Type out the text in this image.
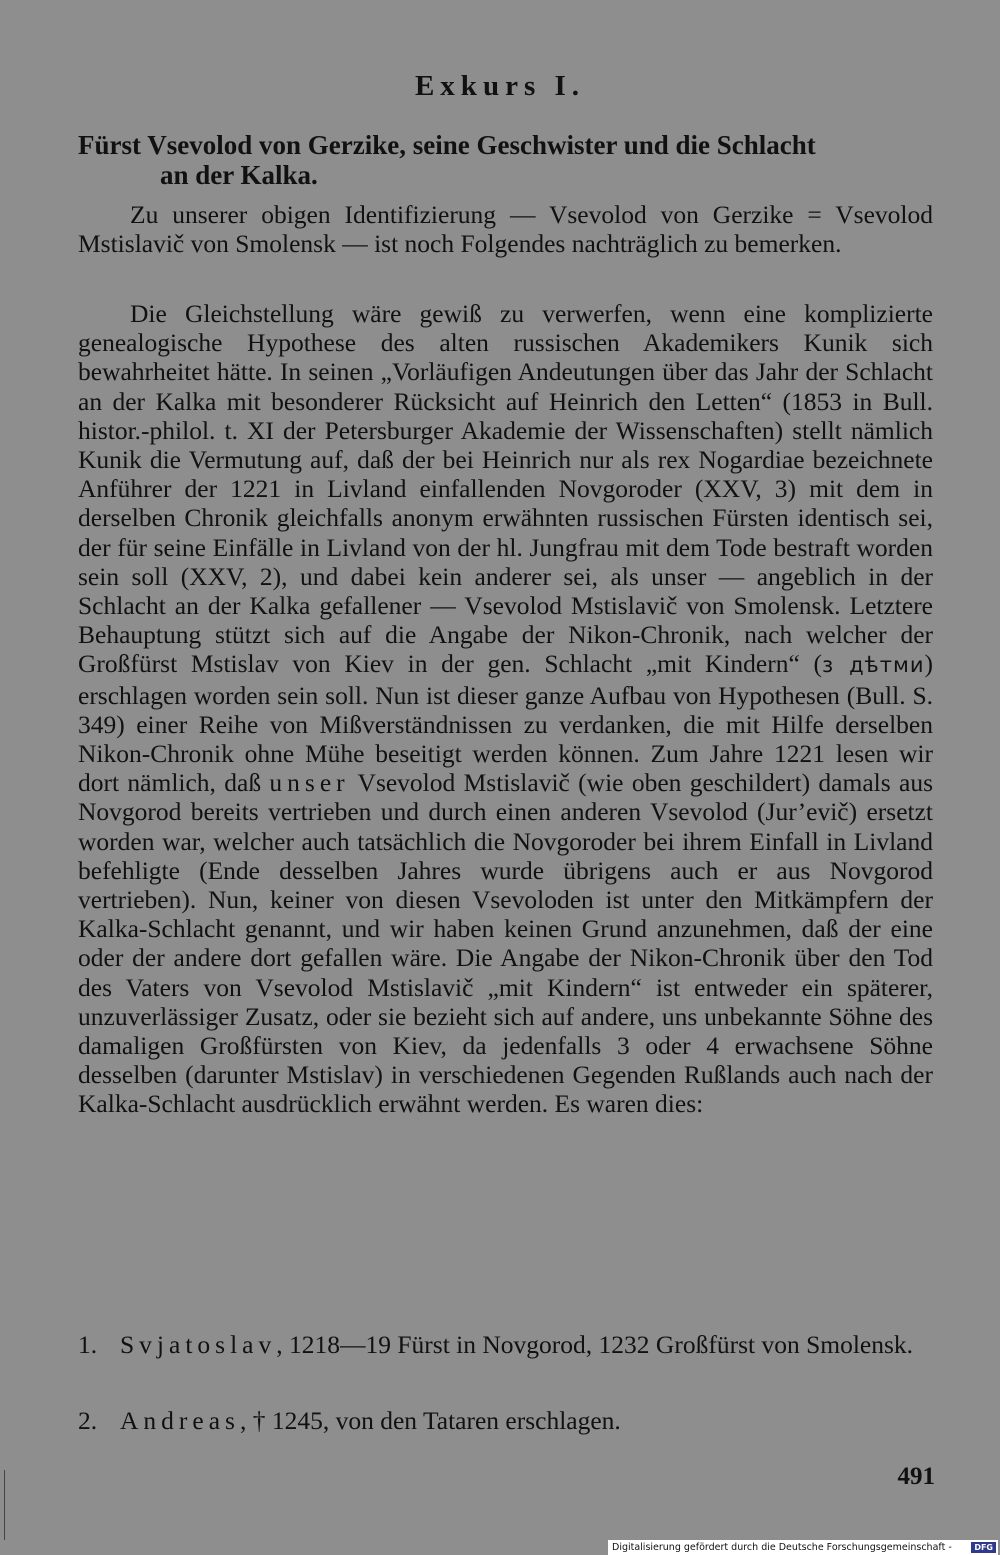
Exkurs I.
Fürst Vsevolod von Gerzike, seine Geschwister und die Schlacht
an der Kalka.

Zu unserer obigen Identifizierung — Vsevolod von Gerzike = Vsevolod Mstislavič von Smolensk — ist noch Folgendes nachträglich zu bemerken.

Die Gleichstellung wäre gewiß zu verwerfen, wenn eine komplizierte genealogische Hypothese des alten russischen Akademikers Kunik sich bewahrheitet hätte. In seinen „Vorläufigen Andeutungen über das Jahr der Schlacht an der Kalka mit besonderer Rücksicht auf Heinrich den Letten“ (1853 in Bull. histor.-philol. t. XI der Petersburger Akademie der Wissenschaften) stellt nämlich Kunik die Vermutung auf, daß der bei Heinrich nur als rex Nogardiae bezeichnete Anführer der 1221 in Livland einfallenden Novgoroder (XXV, 3) mit dem in derselben Chronik gleichfalls anonym erwähnten russischen Fürsten identisch sei, der für seine Einfälle in Livland von der hl. Jungfrau mit dem Tode bestraft worden sein soll (XXV, 2), und dabei kein anderer sei, als unser — angeblich in der Schlacht an der Kalka gefallener — Vsevolod Mstislavič von Smolensk. Letztere Behauptung stützt sich auf die Angabe der Nikon-Chronik, nach welcher der Großfürst Mstislav von Kiev in der gen. Schlacht „mit Kindern“ (з дѣтми) erschlagen worden sein soll. Nun ist dieser ganze Aufbau von Hypothesen (Bull. S. 349) einer Reihe von Mißverständnissen zu verdanken, die mit Hilfe derselben Nikon-Chronik ohne Mühe beseitigt werden können. Zum Jahre 1221 lesen wir dort nämlich, daß unser Vsevolod Mstislavič (wie oben geschildert) damals aus Novgorod bereits vertrieben und durch einen anderen Vsevolod (Jur’evič) ersetzt worden war, welcher auch tatsächlich die Novgoroder bei ihrem Einfall in Livland befehligte (Ende desselben Jahres wurde übrigens auch er aus Novgorod vertrieben). Nun, keiner von diesen Vsevoloden ist unter den Mitkämpfern der Kalka-Schlacht genannt, und wir haben keinen Grund anzunehmen, daß der eine oder der andere dort gefallen wäre. Die Angabe der Nikon-Chronik über den Tod des Vaters von Vsevolod Mstislavič „mit Kindern“ ist entweder ein späterer, unzuverlässiger Zusatz, oder sie bezieht sich auf andere, uns unbekannte Söhne des damaligen Großfürsten von Kiev, da jedenfalls 3 oder 4 erwachsene Söhne desselben (darunter Mstislav) in verschiedenen Gegenden Rußlands auch nach der Kalka-Schlacht ausdrücklich erwähnt werden. Es waren dies:

1. Svjatoslav, 1218—19 Fürst in Novgorod, 1232 Großfürst von Smolensk.
2. Andreas, † 1245, von den Tataren erschlagen.
491
Digitalisierung gefördert durch die Deutsche Forschungsgemeinschaft -	DFG
